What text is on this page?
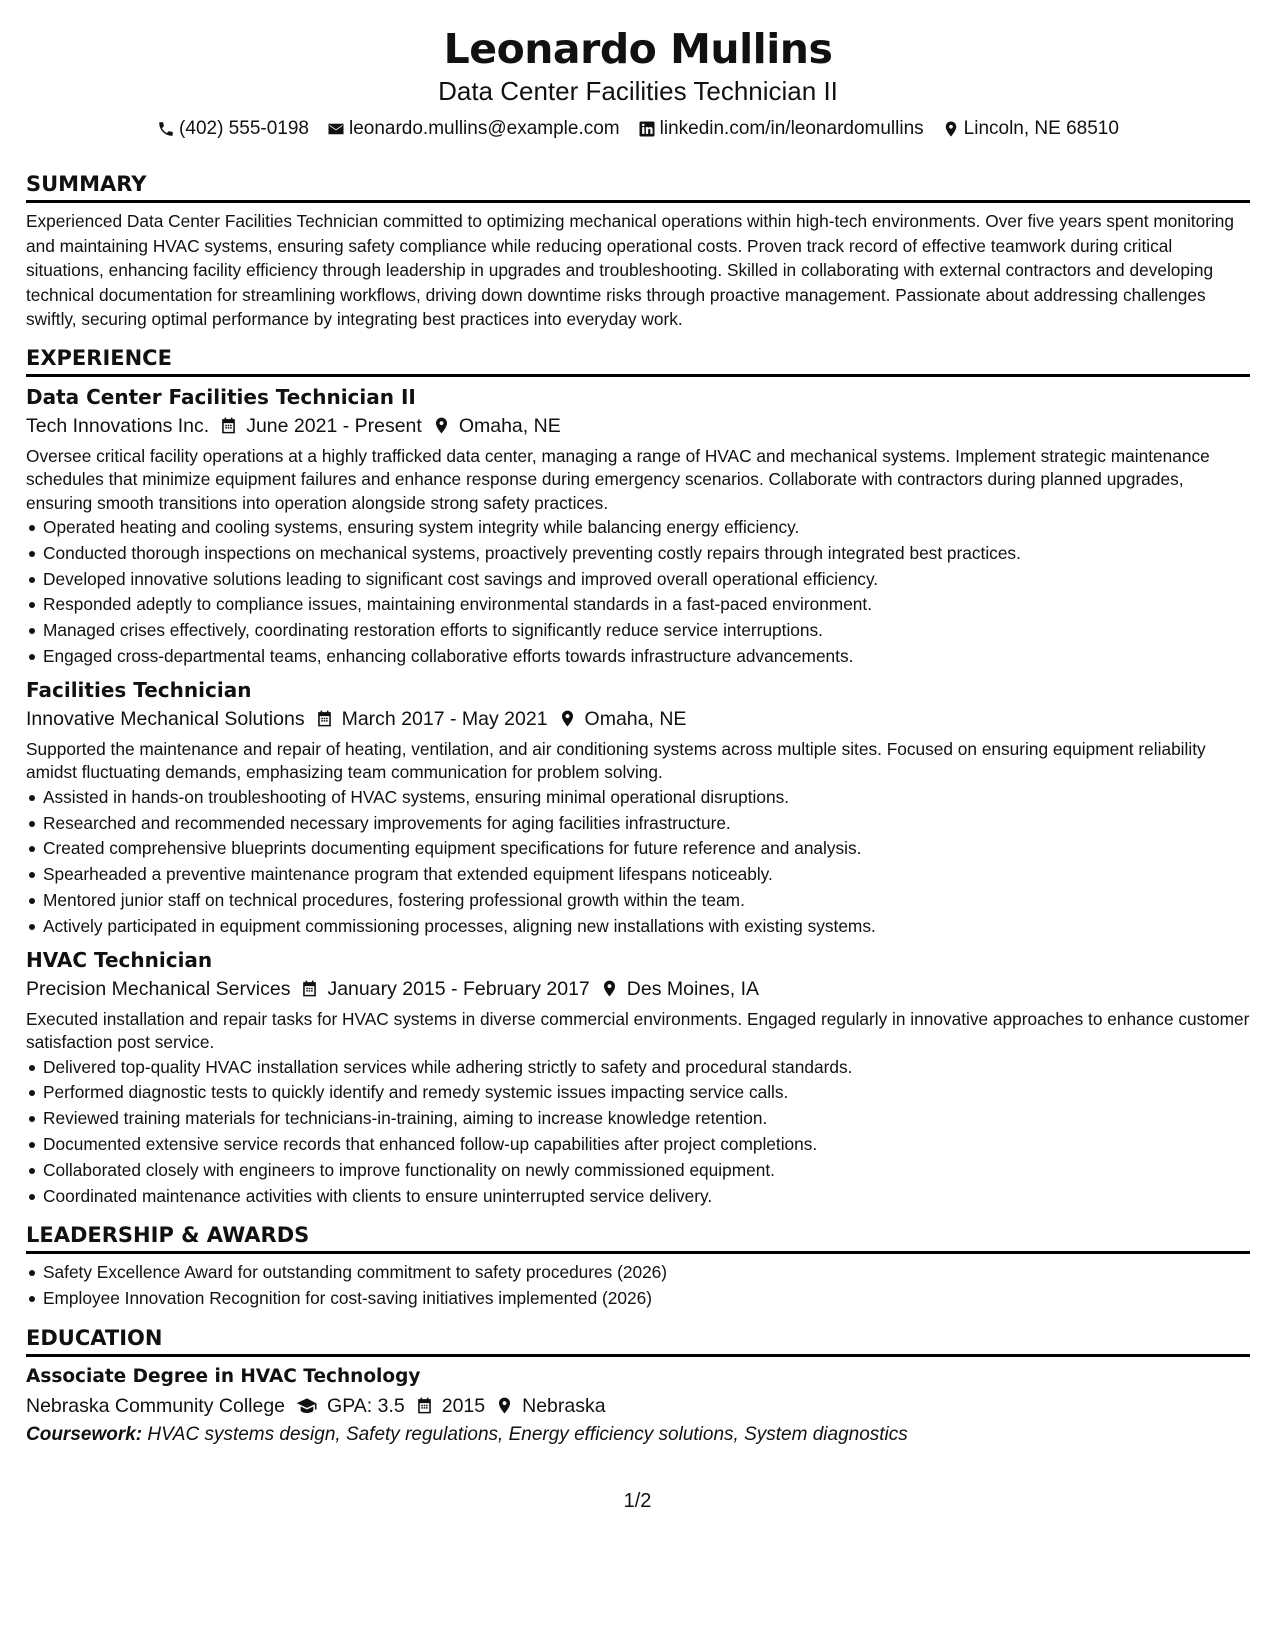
Leonardo Mullins
Data Center Facilities Technician II
(402) 555-0198 leonardo.mullins@example.com linkedin.com/in/leonardomullins Lincoln, NE 68510
SUMMARY
Experienced Data Center Facilities Technician committed to optimizing mechanical operations within high-tech environments. Over five years spent monitoring and maintaining HVAC systems, ensuring safety compliance while reducing operational costs. Proven track record of effective teamwork during critical situations, enhancing facility efficiency through leadership in upgrades and troubleshooting. Skilled in collaborating with external contractors and developing technical documentation for streamlining workflows, driving down downtime risks through proactive management. Passionate about addressing challenges swiftly, securing optimal performance by integrating best practices into everyday work.
EXPERIENCE
Data Center Facilities Technician II
Tech Innovations Inc. June 2021 - Present Omaha, NE
Oversee critical facility operations at a highly trafficked data center, managing a range of HVAC and mechanical systems. Implement strategic maintenance schedules that minimize equipment failures and enhance response during emergency scenarios. Collaborate with contractors during planned upgrades, ensuring smooth transitions into operation alongside strong safety practices.
Operated heating and cooling systems, ensuring system integrity while balancing energy efficiency.
Conducted thorough inspections on mechanical systems, proactively preventing costly repairs through integrated best practices.
Developed innovative solutions leading to significant cost savings and improved overall operational efficiency.
Responded adeptly to compliance issues, maintaining environmental standards in a fast-paced environment.
Managed crises effectively, coordinating restoration efforts to significantly reduce service interruptions.
Engaged cross-departmental teams, enhancing collaborative efforts towards infrastructure advancements.
Facilities Technician
Innovative Mechanical Solutions March 2017 - May 2021 Omaha, NE
Supported the maintenance and repair of heating, ventilation, and air conditioning systems across multiple sites. Focused on ensuring equipment reliability amidst fluctuating demands, emphasizing team communication for problem solving.
Assisted in hands-on troubleshooting of HVAC systems, ensuring minimal operational disruptions.
Researched and recommended necessary improvements for aging facilities infrastructure.
Created comprehensive blueprints documenting equipment specifications for future reference and analysis.
Spearheaded a preventive maintenance program that extended equipment lifespans noticeably.
Mentored junior staff on technical procedures, fostering professional growth within the team.
Actively participated in equipment commissioning processes, aligning new installations with existing systems.
HVAC Technician
Precision Mechanical Services January 2015 - February 2017 Des Moines, IA
Executed installation and repair tasks for HVAC systems in diverse commercial environments. Engaged regularly in innovative approaches to enhance customer satisfaction post service.
Delivered top-quality HVAC installation services while adhering strictly to safety and procedural standards.
Performed diagnostic tests to quickly identify and remedy systemic issues impacting service calls.
Reviewed training materials for technicians-in-training, aiming to increase knowledge retention.
Documented extensive service records that enhanced follow-up capabilities after project completions.
Collaborated closely with engineers to improve functionality on newly commissioned equipment.
Coordinated maintenance activities with clients to ensure uninterrupted service delivery.
LEADERSHIP & AWARDS
Safety Excellence Award for outstanding commitment to safety procedures (2026)
Employee Innovation Recognition for cost-saving initiatives implemented (2026)
EDUCATION
Associate Degree in HVAC Technology
Nebraska Community College GPA: 3.5 2015 Nebraska
Coursework: HVAC systems design, Safety regulations, Energy efficiency solutions, System diagnostics
1/2
